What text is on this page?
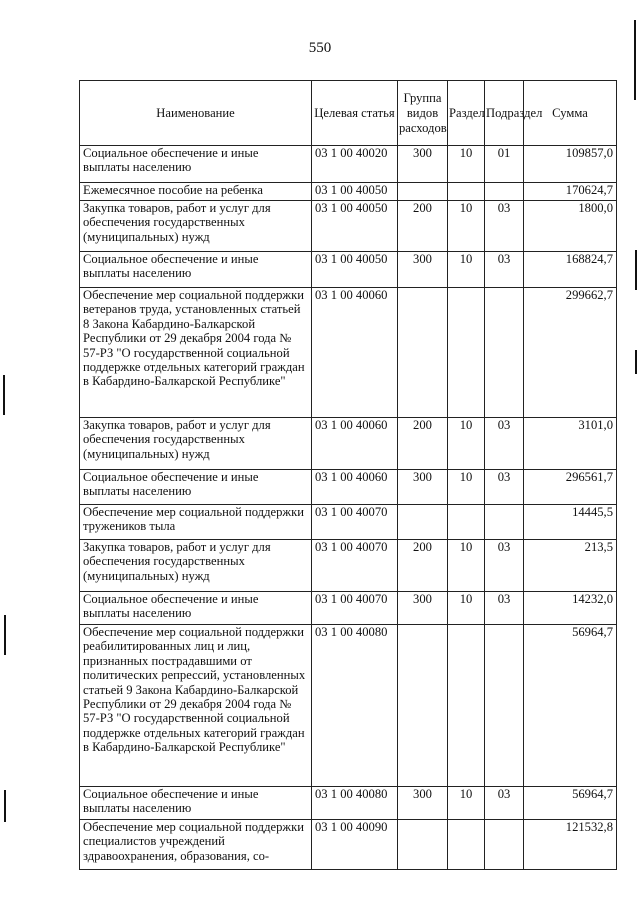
550
Наименование	Целевая статья	Группа видов расходов	Раздел	Подраздел	Сумма
Социальное обеспечение и иные выплаты населению	03 1 00 40020	300	10	01	109857,0
Ежемесячное пособие на ребенка	03 1 00 40050				170624,7
Закупка товаров, работ и услуг для обеспечения государственных (муниципальных) нужд	03 1 00 40050	200	10	03	1800,0
Социальное обеспечение и иные выплаты населению	03 1 00 40050	300	10	03	168824,7
Обеспечение мер социальной поддержки ветеранов труда, установленных статьей 8 Закона Кабардино-Балкарской Республики от 29 декабря 2004 года № 57-РЗ "О государственной социальной поддержке отдельных категорий граждан в Кабардино-Балкарской Республике"	03 1 00 40060				299662,7
Закупка товаров, работ и услуг для обеспечения государственных (муниципальных) нужд	03 1 00 40060	200	10	03	3101,0
Социальное обеспечение и иные выплаты населению	03 1 00 40060	300	10	03	296561,7
Обеспечение мер социальной поддержки тружеников тыла	03 1 00 40070				14445,5
Закупка товаров, работ и услуг для обеспечения государственных (муниципальных) нужд	03 1 00 40070	200	10	03	213,5
Социальное обеспечение и иные выплаты населению	03 1 00 40070	300	10	03	14232,0
Обеспечение мер социальной поддержки реабилитированных лиц и лиц, признанных пострадавшими от политических репрессий, установленных статьей 9 Закона Кабардино-Балкарской Республики от 29 декабря 2004 года № 57-РЗ "О государственной социальной поддержке отдельных категорий граждан в Кабардино-Балкарской Республике"	03 1 00 40080				56964,7
Социальное обеспечение и иные выплаты населению	03 1 00 40080	300	10	03	56964,7
Обеспечение мер социальной поддержки специалистов учреждений здравоохранения, образования, со-	03 1 00 40090				121532,8
